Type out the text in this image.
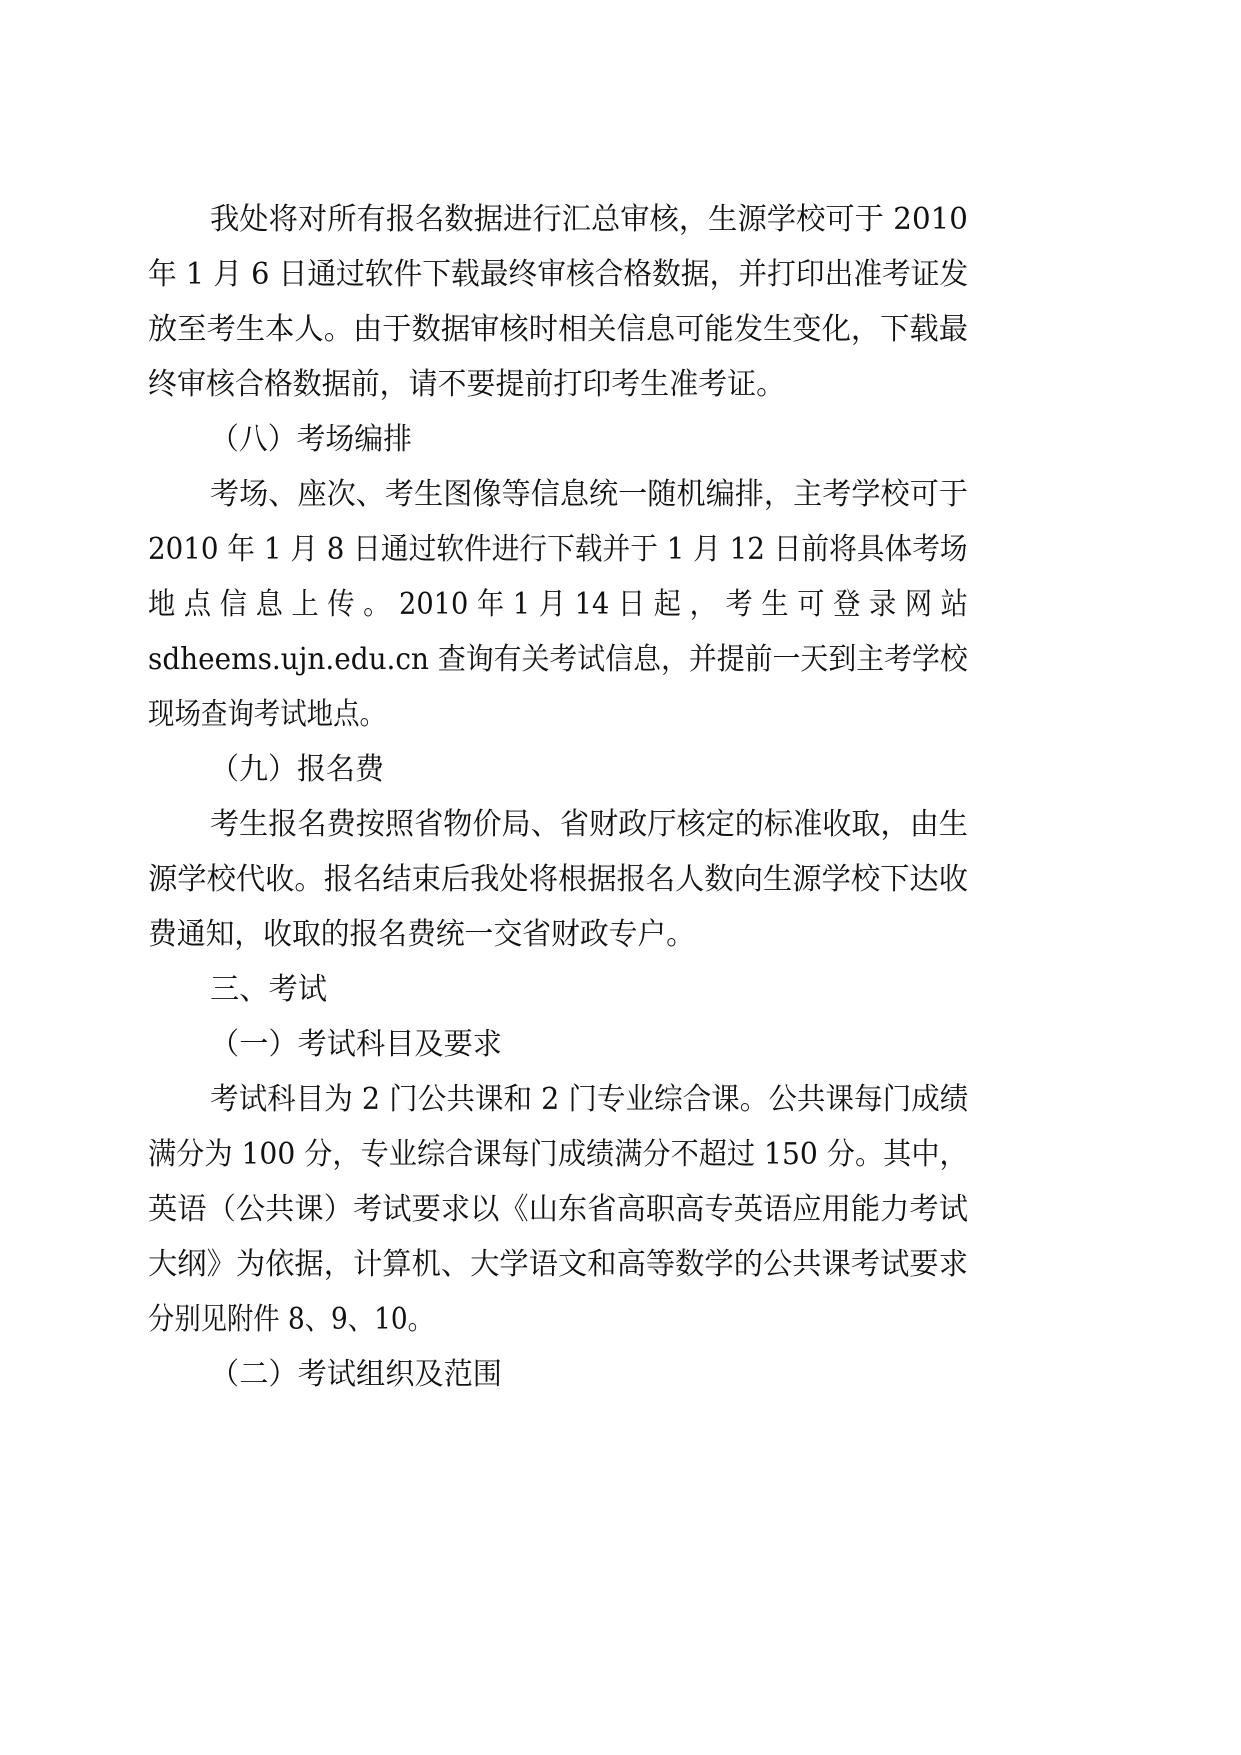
我处将对所有报名数据进行汇总审核，生源学校可于 2010
年 1 月 6 日通过软件下载最终审核合格数据，并打印出准考证发
放至考生本人。由于数据审核时相关信息可能发生变化，下载最
终审核合格数据前，请不要提前打印考生准考证。
（八）考场编排
考场、座次、考生图像等信息统一随机编排，主考学校可于
2010 年 1 月 8 日通过软件进行下载并于 1 月 12 日前将具体考场
地 点 信 息 上 传 。 2010 年 1 月 14 日 起 ， 考 生 可 登 录 网 站
sdheems.ujn.edu.cn 查询有关考试信息，并提前一天到主考学校
现场查询考试地点。
（九）报名费
考生报名费按照省物价局、省财政厅核定的标准收取，由生
源学校代收。报名结束后我处将根据报名人数向生源学校下达收
费通知，收取的报名费统一交省财政专户。
三、考试
（一）考试科目及要求
考试科目为 2 门公共课和 2 门专业综合课。公共课每门成绩
满分为 100 分，专业综合课每门成绩满分不超过 150 分。其中，
英语（公共课）考试要求以《山东省高职高专英语应用能力考试
大纲》为依据，计算机、大学语文和高等数学的公共课考试要求
分别见附件 8、9、10。
（二）考试组织及范围
